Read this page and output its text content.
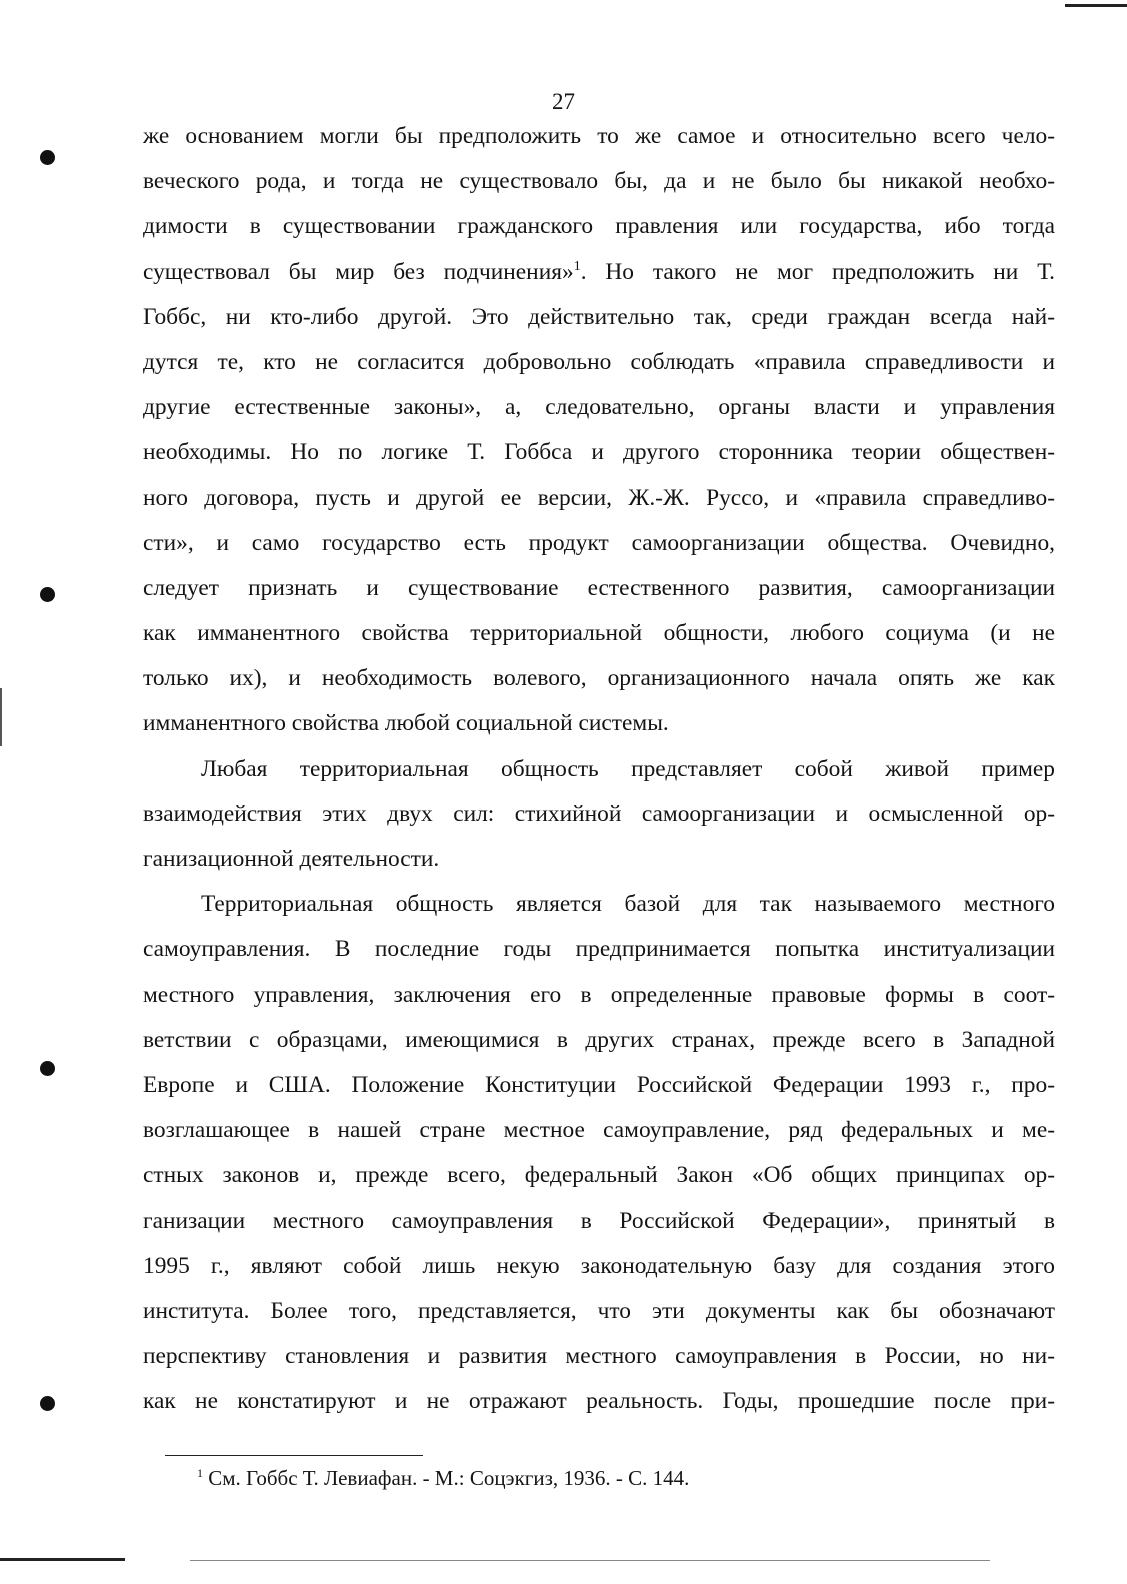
27
же основанием могли бы предположить то же самое и относительно всего чело-
веческого рода, и тогда не существовало бы, да и не было бы никакой необхо-
димости в существовании гражданского правления или государства, ибо тогда
существовал бы мир без подчинения»$^1$. Но такого не мог предположить ни Т.
Гоббс, ни кто-либо другой. Это действительно так, среди граждан всегда най-
дутся те, кто не согласится добровольно соблюдать «правила справедливости и
другие естественные законы», а, следовательно, органы власти и управления
необходимы. Но по логике Т. Гоббса и другого сторонника теории обществен-
ного договора, пусть и другой ее версии, Ж.-Ж. Руссо, и «правила справедливо-
сти», и само государство есть продукт самоорганизации общества. Очевидно,
следует признать и существование естественного развития, самоорганизации
как имманентного свойства территориальной общности, любого социума (и не
только их), и необходимость волевого, организационного начала опять же как
имманентного свойства любой социальной системы.
Любая территориальная общность представляет собой живой пример
взаимодействия этих двух сил: стихийной самоорганизации и осмысленной ор-
ганизационной деятельности.
Территориальная общность является базой для так называемого местного
самоуправления. В последние годы предпринимается попытка институализации
местного управления, заключения его в определенные правовые формы в соот-
ветствии с образцами, имеющимися в других странах, прежде всего в Западной
Европе и США. Положение Конституции Российской Федерации 1993 г., про-
возглашающее в нашей стране местное самоуправление, ряд федеральных и ме-
стных законов и, прежде всего, федеральный Закон «Об общих принципах ор-
ганизации местного самоуправления в Российской Федерации», принятый в
1995 г., являют собой лишь некую законодательную базу для создания этого
института. Более того, представляется, что эти документы как бы обозначают
перспективу становления и развития местного самоуправления в России, но ни-
как не констатируют и не отражают реальность. Годы, прошедшие после при-
$^1$ См. Гоббс Т. Левиафан. - М.: Соцэкгиз, 1936. - С. 144.
